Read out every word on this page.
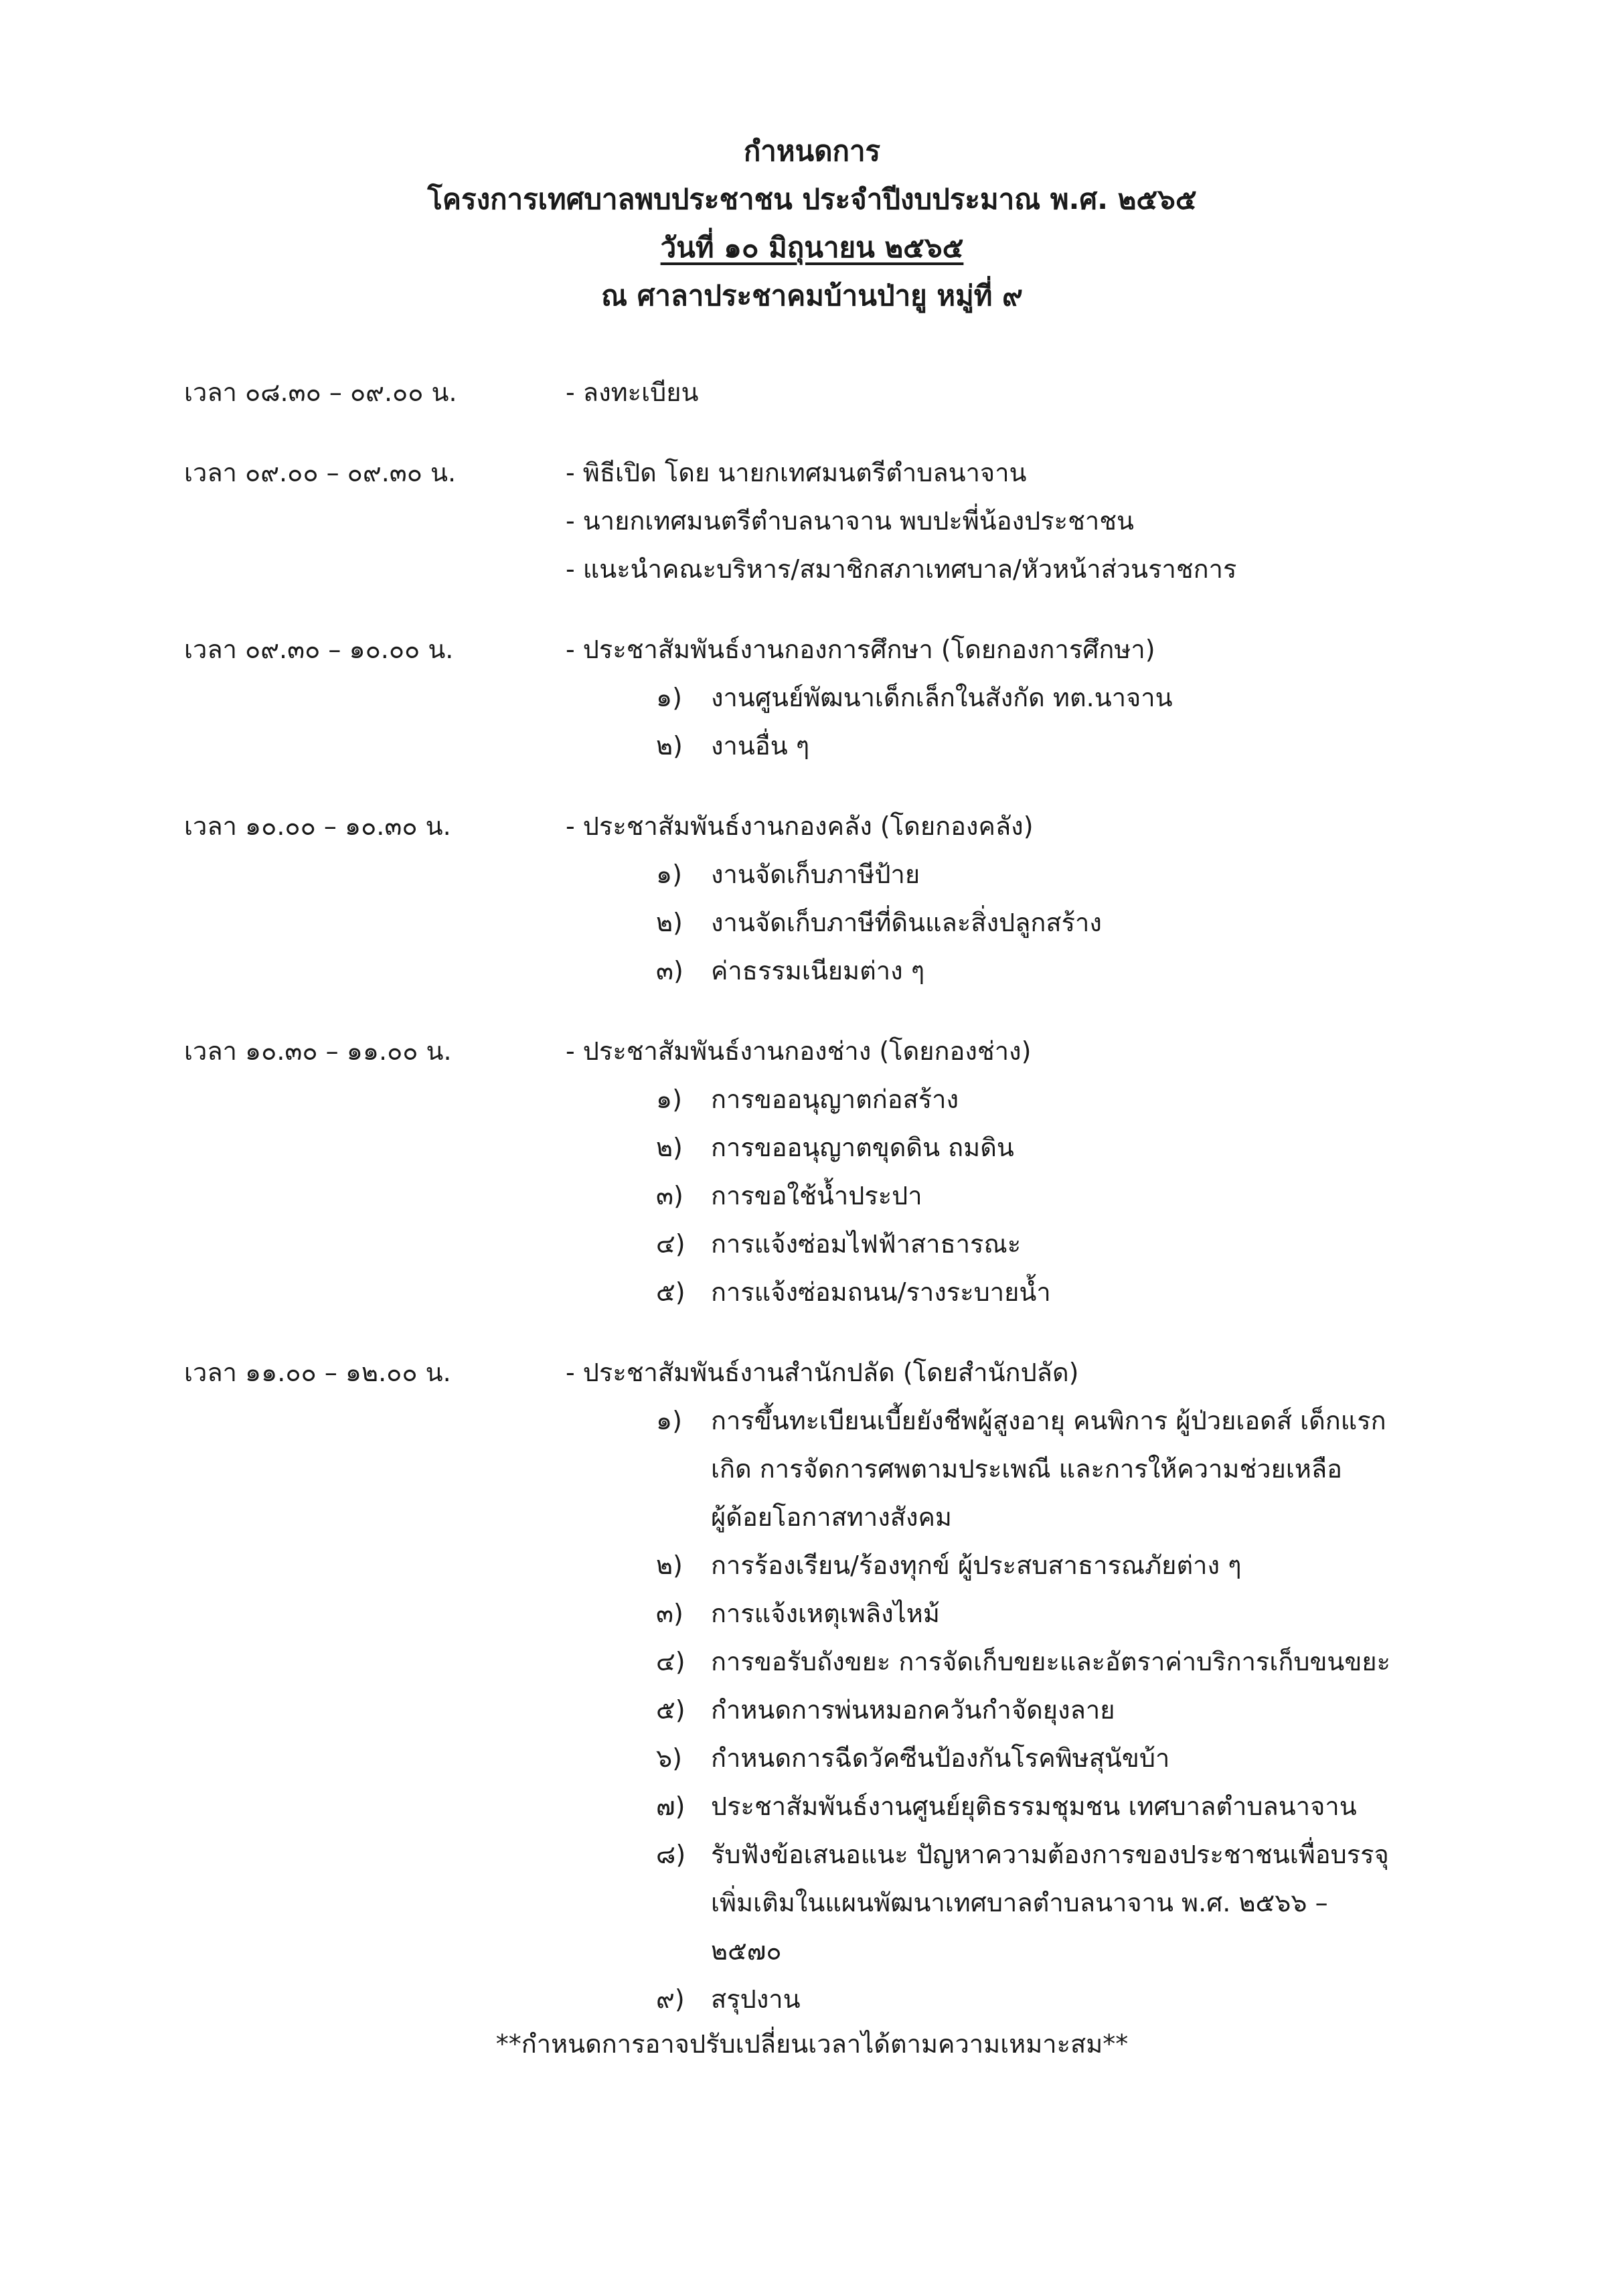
กำหนดการ
โครงการเทศบาลพบประชาชน ประจำปีงบประมาณ พ.ศ. ๒๕๖๕
วันที่ ๑๐ มิถุนายน ๒๕๖๕
ณ ศาลาประชาคมบ้านป่ายู หมู่ที่ ๙
เวลา ๐๘.๓๐ – ๐๙.๐๐ น.	- ลงทะเบียน
เวลา ๐๙.๐๐ – ๐๙.๓๐ น.	- พิธีเปิด โดย นายกเทศมนตรีตำบลนาจาน
- นายกเทศมนตรีตำบลนาจาน พบปะพี่น้องประชาชน
- แนะนำคณะบริหาร/สมาชิกสภาเทศบาล/หัวหน้าส่วนราชการ
เวลา ๐๙.๓๐ – ๑๐.๐๐ น.	- ประชาสัมพันธ์งานกองการศึกษา (โดยกองการศึกษา)
๑) งานศูนย์พัฒนาเด็กเล็กในสังกัด ทต.นาจาน
๒) งานอื่น ๆ
เวลา ๑๐.๐๐ – ๑๐.๓๐ น.	- ประชาสัมพันธ์งานกองคลัง (โดยกองคลัง)
๑) งานจัดเก็บภาษีป้าย
๒) งานจัดเก็บภาษีที่ดินและสิ่งปลูกสร้าง
๓) ค่าธรรมเนียมต่าง ๆ
เวลา ๑๐.๓๐ – ๑๑.๐๐ น.	- ประชาสัมพันธ์งานกองช่าง (โดยกองช่าง)
๑) การขออนุญาตก่อสร้าง
๒) การขออนุญาตขุดดิน ถมดิน
๓) การขอใช้น้ำประปา
๔) การแจ้งซ่อมไฟฟ้าสาธารณะ
๕) การแจ้งซ่อมถนน/รางระบายน้ำ
เวลา ๑๑.๐๐ – ๑๒.๐๐ น.	- ประชาสัมพันธ์งานสำนักปลัด (โดยสำนักปลัด)
๑) การขึ้นทะเบียนเบี้ยยังชีพผู้สูงอายุ คนพิการ ผู้ป่วยเอดส์ เด็กแรก
เกิด การจัดการศพตามประเพณี และการให้ความช่วยเหลือ
ผู้ด้อยโอกาสทางสังคม
๒) การร้องเรียน/ร้องทุกข์ ผู้ประสบสาธารณภัยต่าง ๆ
๓) การแจ้งเหตุเพลิงไหม้
๔) การขอรับถังขยะ การจัดเก็บขยะและอัตราค่าบริการเก็บขนขยะ
๕) กำหนดการพ่นหมอกควันกำจัดยุงลาย
๖) กำหนดการฉีดวัคซีนป้องกันโรคพิษสุนัขบ้า
๗) ประชาสัมพันธ์งานศูนย์ยุติธรรมชุมชน เทศบาลตำบลนาจาน
๘) รับฟังข้อเสนอแนะ ปัญหาความต้องการของประชาชนเพื่อบรรจุ
เพิ่มเติมในแผนพัฒนาเทศบาลตำบลนาจาน พ.ศ. ๒๕๖๖ –
๒๕๗๐
๙) สรุปงาน
**กำหนดการอาจปรับเปลี่ยนเวลาได้ตามความเหมาะสม**
